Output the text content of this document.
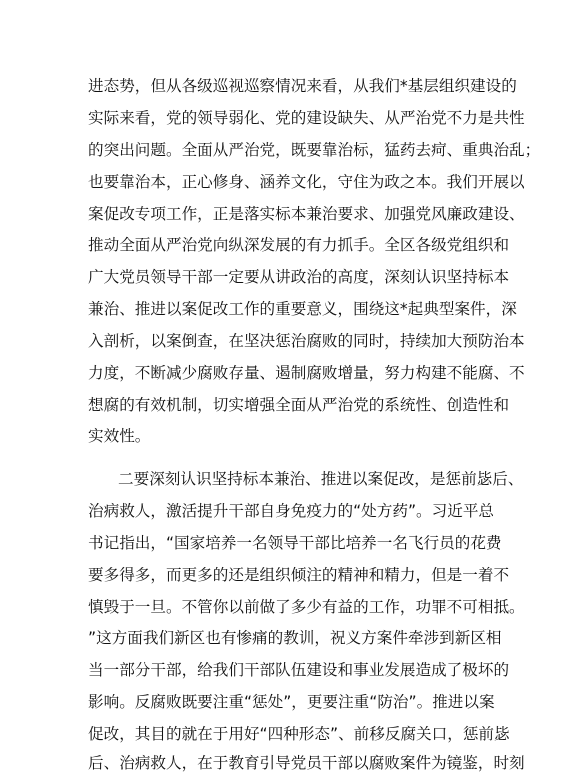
进态势，但从各级巡视巡察情况来看，从我们*基层组织建设的
实际来看，党的领导弱化、党的建设缺失、从严治党不力是共性
的突出问题。全面从严治党，既要靠治标，猛药去疴、重典治乱；
也要靠治本，正心修身、涵养文化，守住为政之本。我们开展以
案促改专项工作，正是落实标本兼治要求、加强党风廉政建设、
推动全面从严治党向纵深发展的有力抓手。全区各级党组织和
广大党员领导干部一定要从讲政治的高度，深刻认识坚持标本
兼治、推进以案促改工作的重要意义，围绕这*起典型案件，深
入剖析，以案倒查，在坚决惩治腐败的同时，持续加大预防治本
力度，不断减少腐败存量、遏制腐败增量，努力构建不能腐、不
想腐的有效机制，切实增强全面从严治党的系统性、创造性和
实效性。
二要深刻认识坚持标本兼治、推进以案促改，是惩前毖后、
治病救人，激活提升干部自身免疫力的“处方药”。习近平总
书记指出，“国家培养一名领导干部比培养一名飞行员的花费
要多得多，而更多的还是组织倾注的精神和精力，但是一着不
慎毁于一旦。不管你以前做了多少有益的工作，功罪不可相抵。
”这方面我们新区也有惨痛的教训，祝义方案件牵涉到新区相
当一部分干部，给我们干部队伍建设和事业发展造成了极坏的
影响。反腐败既要注重“惩处”，更要注重“防治”。推进以案
促改，其目的就在于用好“四种形态”、前移反腐关口，惩前毖
后、治病救人，在于教育引导党员干部以腐败案件为镜鉴，时刻
